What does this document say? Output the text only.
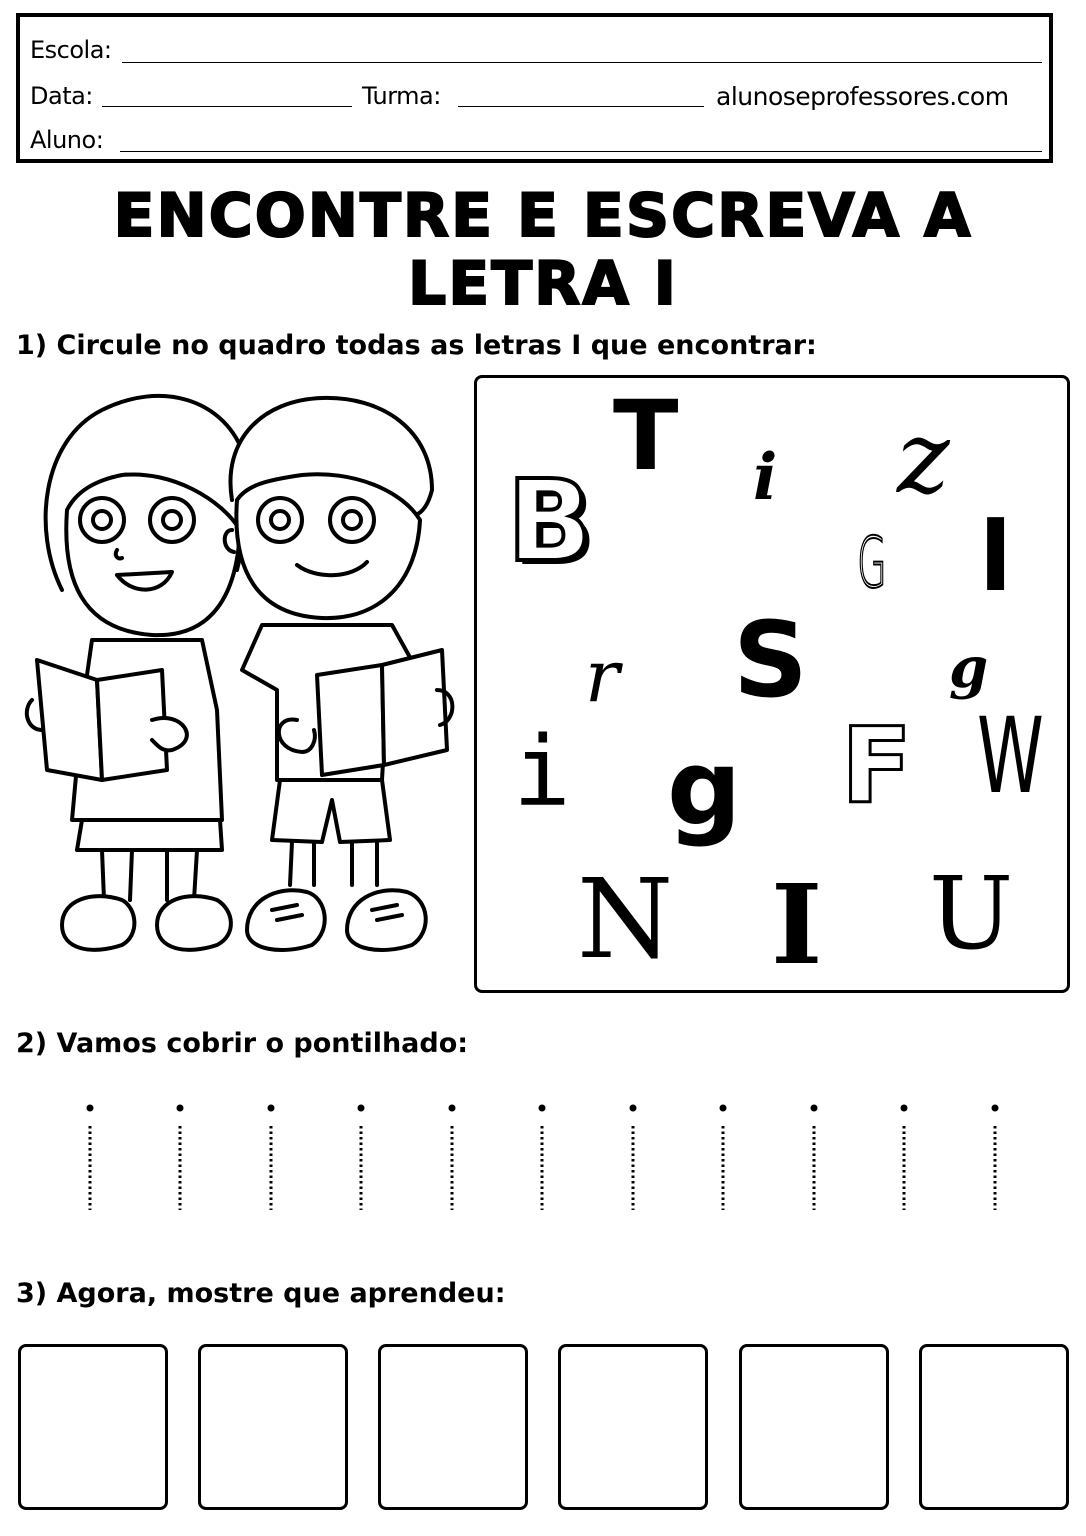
Escola:
Data:	Turma:	alunoseprofessores.com
Aluno:
ENCONTRE E ESCREVA A
LETRA I
1) Circule no quadro todas as letras I que encontrar:
T i z
B	G I
r S	g
i g F W
N I U
2) Vamos cobrir o pontilhado:
3) Agora, mostre que aprendeu:
